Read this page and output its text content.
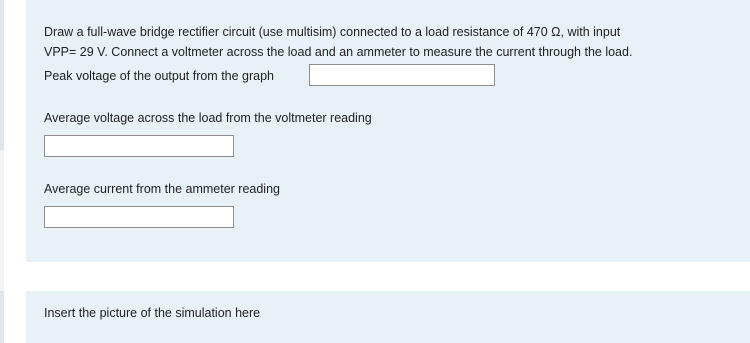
Draw a full-wave bridge rectifier circuit (use multisim) connected to a load resistance of 470 Ω, with input
VPP= 29 V. Connect a voltmeter across the load and an ammeter to measure the current through the load.
Peak voltage of the output from the graph
Average voltage across the load from the voltmeter reading
Average current from the ammeter reading
Insert the picture of the simulation here
